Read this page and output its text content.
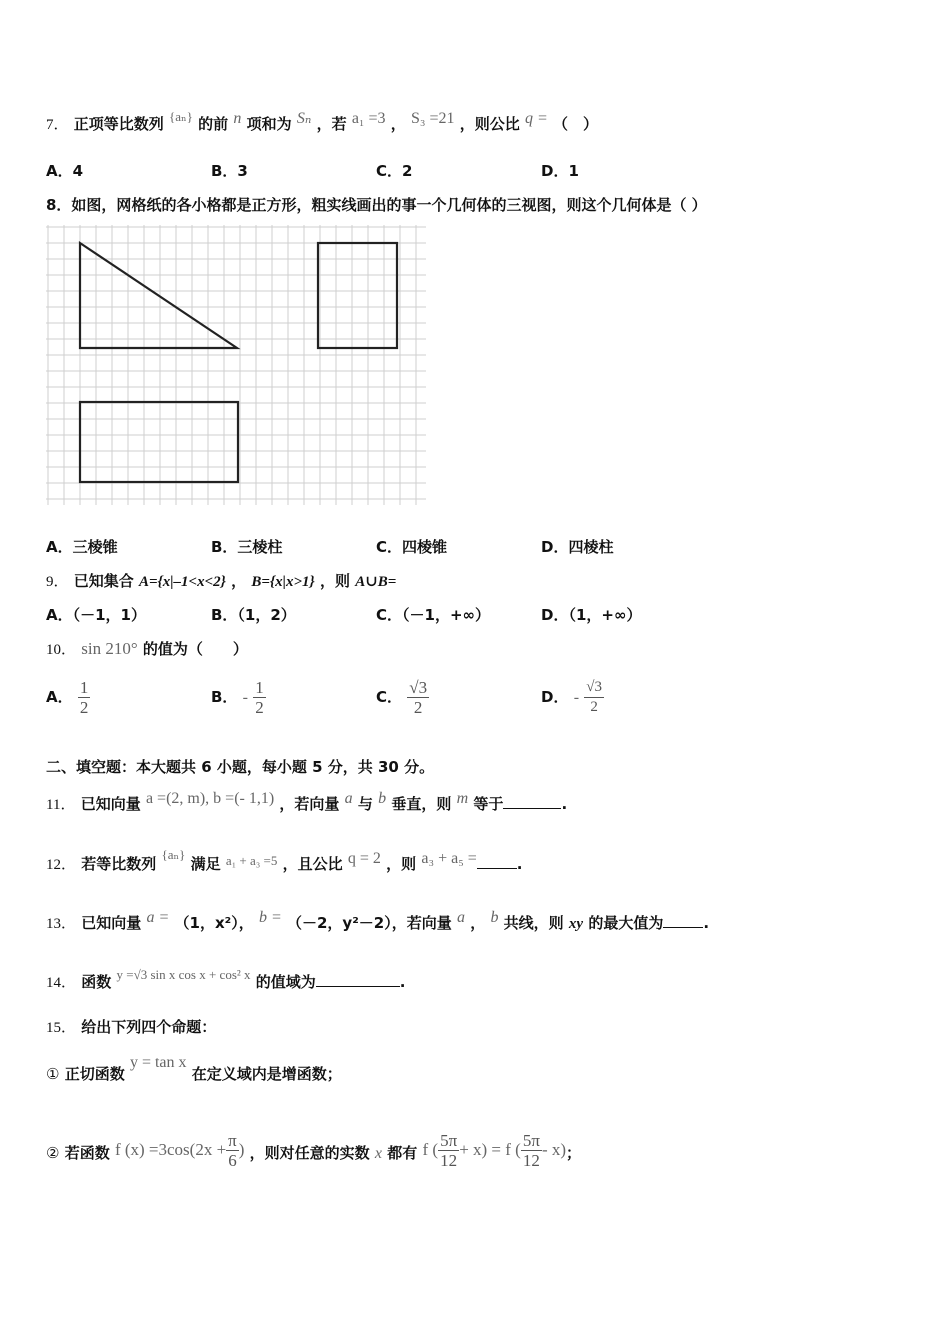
7． 正项等比数列 {aₙ} 的前 n 项和为 Sₙ ，若 a₁ =3 ， S₃ =21 ，则公比 q = （　）
A．4	B．3	C．2	D．1
8．如图，网格纸的各小格都是正方形，粗实线画出的事一个几何体的三视图，则这个几何体是（ ）
A．三棱锥	B．三棱柱	C．四棱锥	D．四棱柱
9． 已知集合 A={x|–1<x<2} ， B={x|x>1} ，则 A∪B=
A．（－1，1）	B．（1，2）	C．（－1，+∞）	D．（1，+∞）
10． sin 210° 的值为（　　）
A． $\frac{1}{2}$	B． - $\frac{1}{2}$	C． $\frac{√3}{2}$	D． - $\frac{√3}{2}$
二、填空题：本大题共 6 小题，每小题 5 分，共 30 分。
11． 已知向量 a =(2, m), b =(- 1,1) ，若向量 a 与 b 垂直，则 m 等于	.
12． 若等比数列 {aₙ} 满足 a₁ + a₃ =5 ，且公比 q = 2 ，则 a₃ + a₅ =	.
13． 已知向量 a = （1，x²）， b = （－2，y²－2），若向量 a ， b 共线，则 xy 的最大值为	.
14． 函数 y =√3 sin x cos x + cos² x 的值域为	.
15． 给出下列四个命题：
① 正切函数 y = tan x 在定义域内是增函数；
② 若函数 f $(x) =3\cos(2x + \frac{\pi}{6}$ ) ，则对任意的实数 x 都有 f ( $\frac{5\pi}{12} + x) = f$ ( $\frac{5\pi}{12} - x$)；
